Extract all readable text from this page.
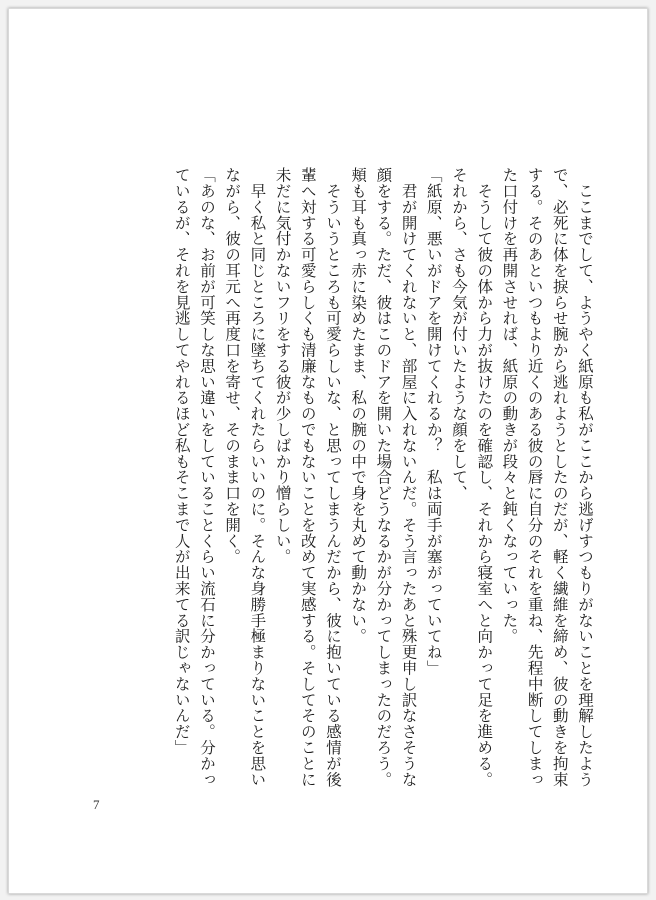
　ここまでして、ようやく紙原も私がここから逃げすつもりがないことを理解したようで、必死に体を捩らせ腕から逃れようとしたのだが、軽く繊維を締め、彼の動きを拘束する。そのあといつもより近くのある彼の唇に自分のそれを重ね、先程中断してしまった口付けを再開させれば、紙原の動きが段々と鈍くなっていった。

　そうして彼の体から力が抜けたのを確認し、それから寝室へと向かって足を進める。それから、さも今気が付いたような顔をして、

「紙原、悪いがドアを開けてくれるか？　私は両手が塞がっていてね」

　君が開けてくれないと、部屋に入れないんだ。そう言ったあと殊更申し訳なさそうな顔をする。ただ、彼はこのドアを開いた場合どうなるかが分かってしまったのだろう。頬も耳も真っ赤に染めたまま、私の腕の中で身を丸めて動かない。

　そういうところも可愛らしいな、と思ってしまうんだから、彼に抱いている感情が後輩へ対する可愛らしくも清廉なものでもないことを改めて実感する。そしてそのことに未だに気付かないフリをする彼が少しばかり憎らしい。

　早く私と同じところに墜ちてくれたらいいのに。そんな身勝手極まりないことを思いながら、彼の耳元へ再度口を寄せ、そのまま口を開く。

「あのな、お前が可笑しな思い違いをしていることくらい流石に分かっている。分かっているが、それを見逃してやれるほど私もそこまで人が出来てる訳じゃないんだ」

7
